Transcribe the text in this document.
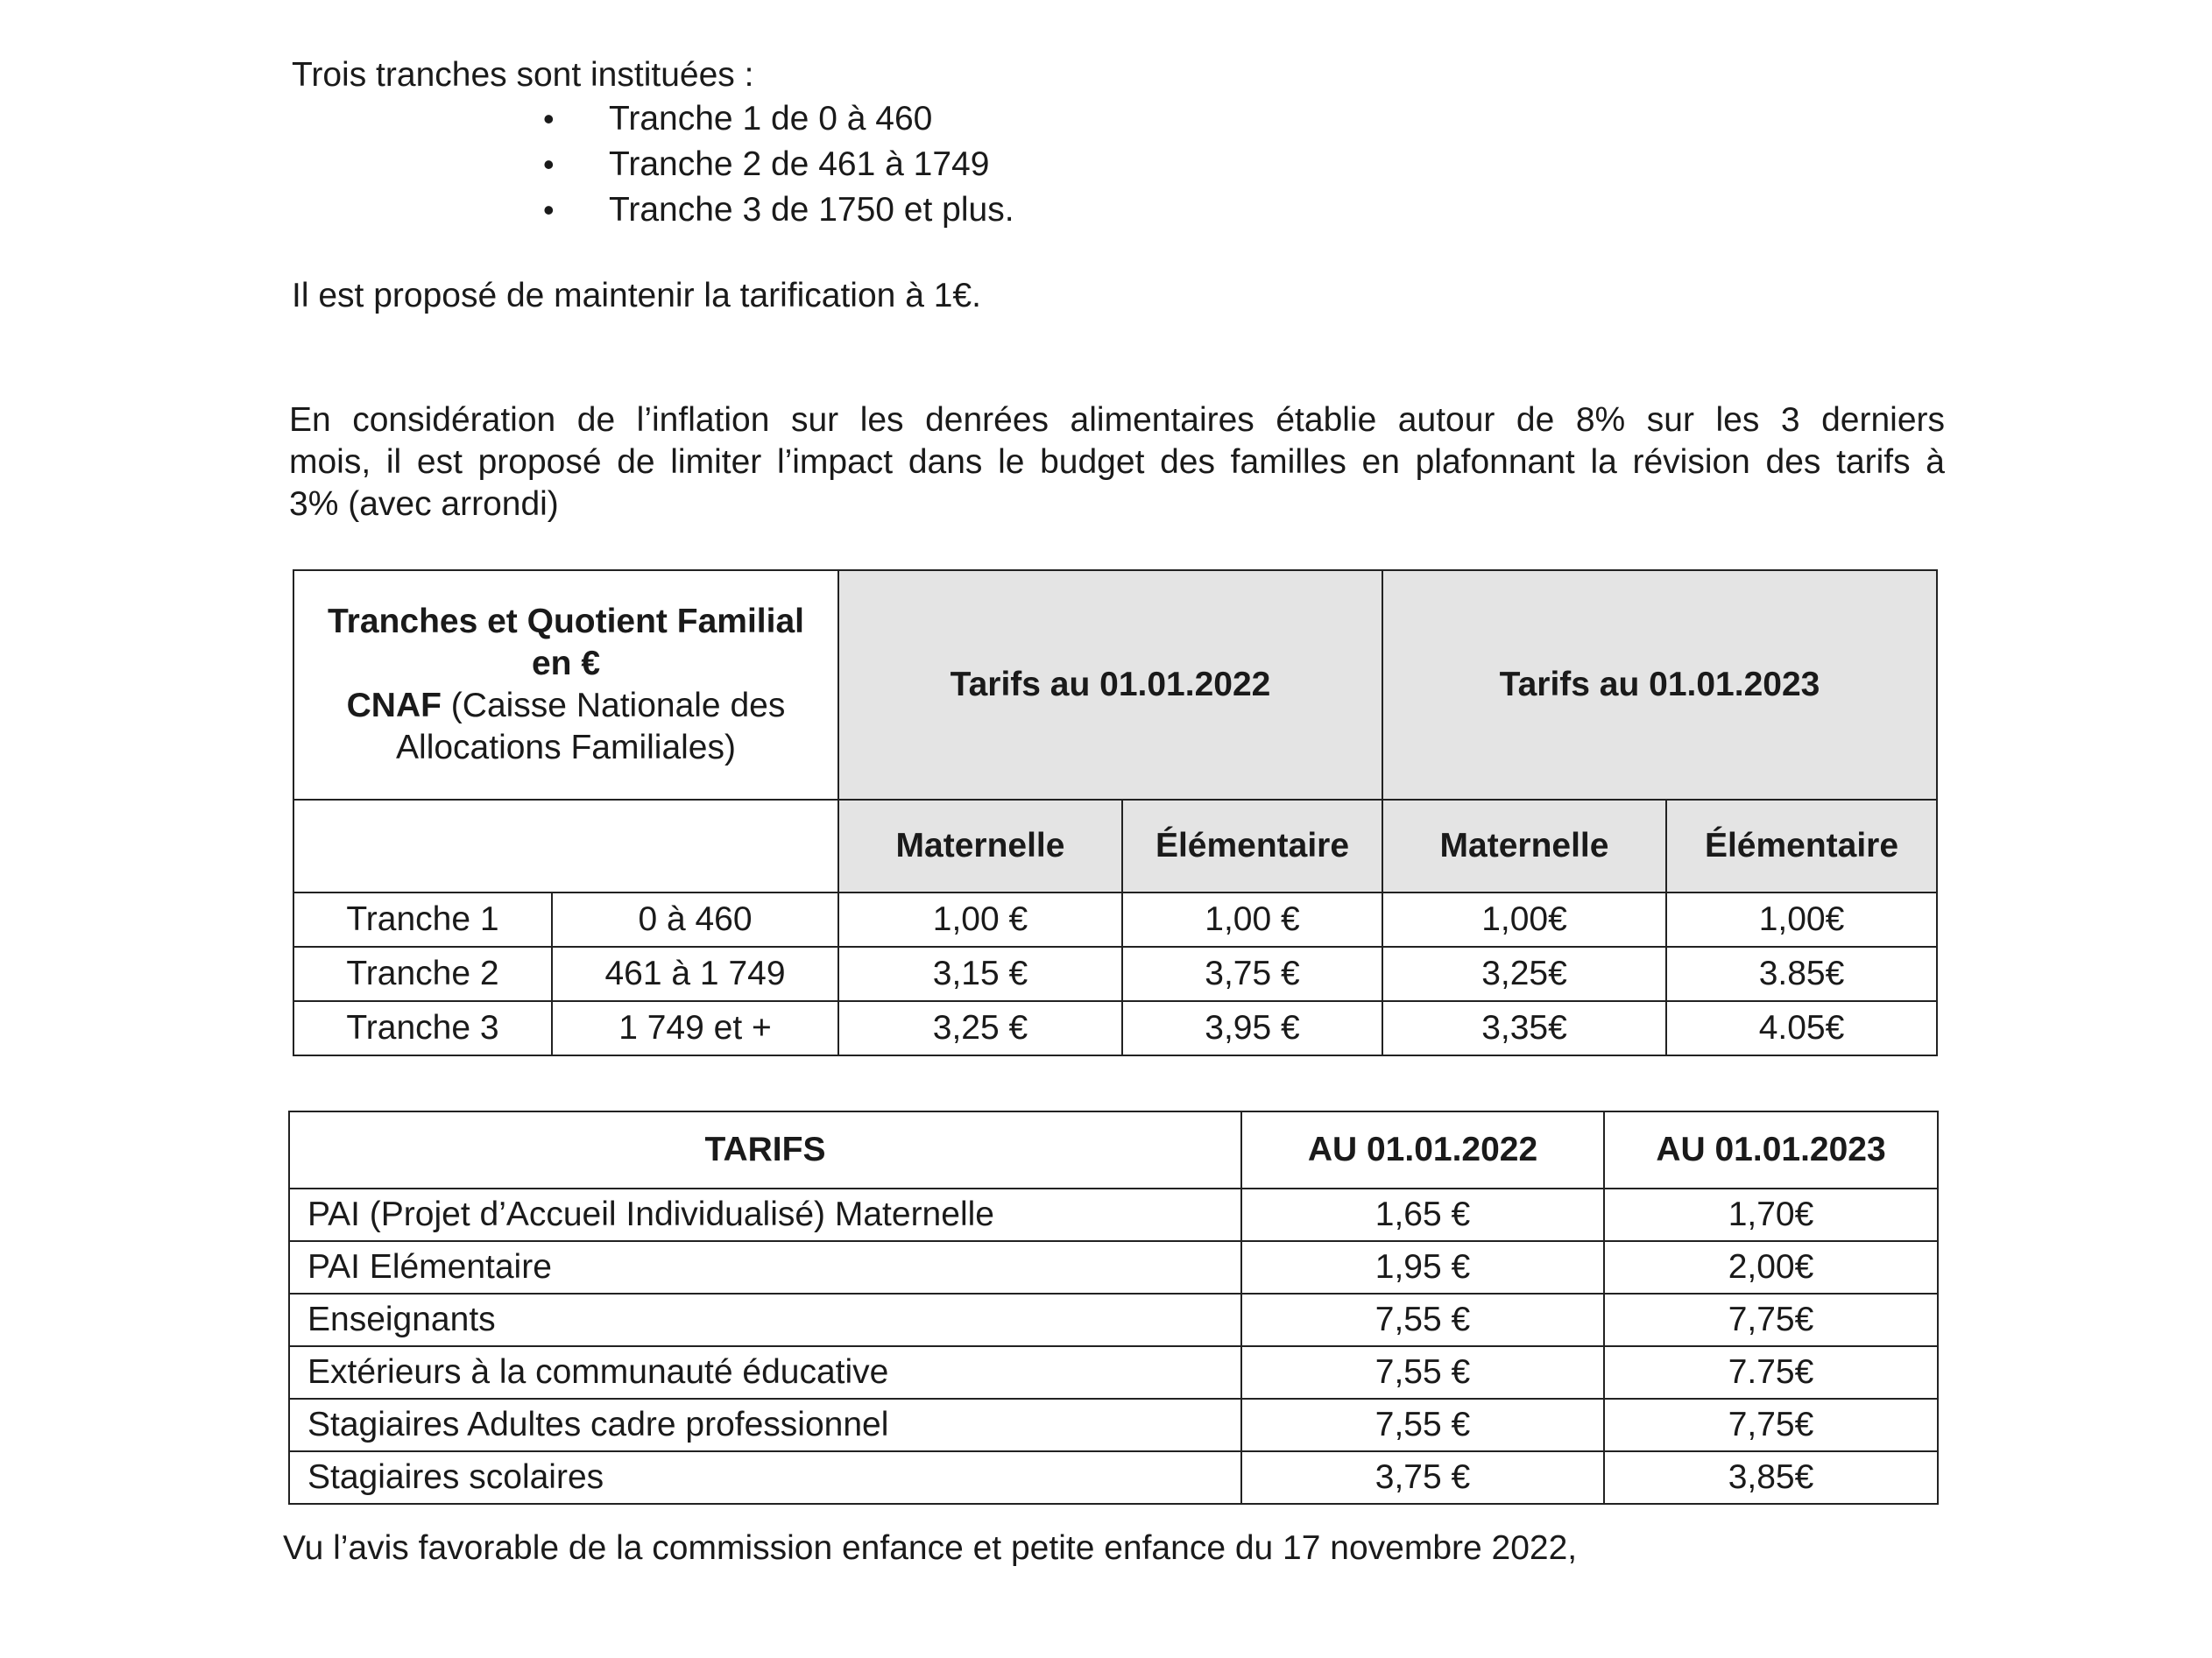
Trois tranches sont instituées :
• Tranche 1 de 0 à 460
• Tranche 2 de 461 à 1749
• Tranche 3 de 1750 et plus.
Il est proposé de maintenir la tarification à 1€.
En considération de l’inflation sur les denrées alimentaires établie autour de 8% sur les 3 derniers
mois, il est proposé de limiter l’impact dans le budget des familles en plafonnant la révision des tarifs à
3% (avec arrondi)
Tranches et Quotient Familial
en €
CNAF (Caisse Nationale des
Allocations Familiales)		Tarifs au 01.01.2022		Tarifs au 01.01.2023	
		Maternelle	Élémentaire	Maternelle	Élémentaire
Tranche 1	0 à 460	1,00 €	1,00 €	1,00€	1,00€
Tranche 2	461 à 1 749	3,15 €	3,75 €	3,25€	3.85€
Tranche 3	1 749 et +	3,25 €	3,95 €	3,35€	4.05€
TARIFS	AU 01.01.2022	AU 01.01.2023
PAI (Projet d’Accueil Individualisé) Maternelle	1,65 €	1,70€
PAI Elémentaire	1,95 €	2,00€
Enseignants	7,55 €	7,75€
Extérieurs à la communauté éducative	7,55 €	7.75€
Stagiaires Adultes cadre professionnel	7,55 €	7,75€
Stagiaires scolaires	3,75 €	3,85€
Vu l’avis favorable de la commission enfance et petite enfance du 17 novembre 2022,
